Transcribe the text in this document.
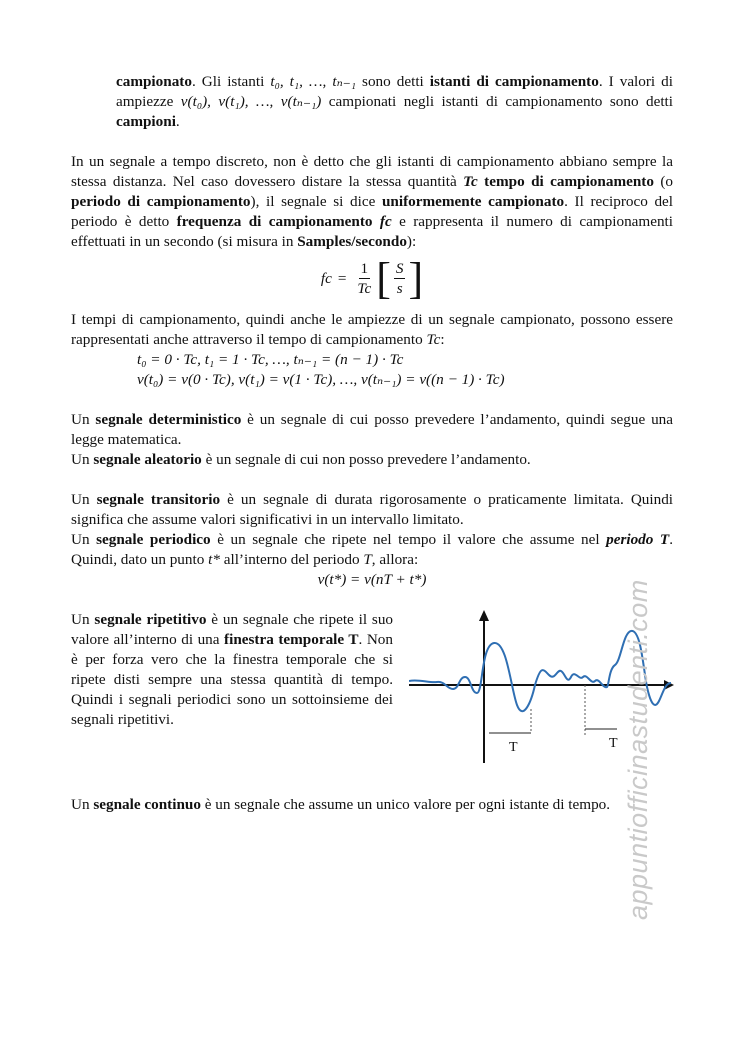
campionato. Gli istanti t₀, t₁, …, tₙ₋₁ sono detti istanti di campionamento. I valori di ampiezze v(t₀), v(t₁), …, v(tₙ₋₁) campionati negli istanti di campionamento sono detti campioni.

In un segnale a tempo discreto, non è detto che gli istanti di campionamento abbiano sempre la stessa distanza. Nel caso dovessero distare la stessa quantità Tc tempo di campionamento (o periodo di campionamento), il segnale si dice uniformemente campionato. Il reciproco del periodo è detto frequenza di campionamento fc e rappresenta il numero di campionamenti effettuati in un secondo (si misura in Samples/secondo):

fc = $\frac{1}{Tc}$ [ $\frac{S}{s}$ ]

I tempi di campionamento, quindi anche le ampiezze di un segnale campionato, possono essere rappresentati anche attraverso il tempo di campionamento Tc:

t₀ = 0 · Tc, t₁ = 1 · Tc, …, tₙ₋₁ = (n − 1) · Tc
v(t₀) = v(0 · Tc), v(t₁) = v(1 · Tc), …, v(tₙ₋₁) = v((n − 1) · Tc)

Un segnale deterministico è un segnale di cui posso prevedere l’andamento, quindi segue una legge matematica.

Un segnale aleatorio è un segnale di cui non posso prevedere l’andamento.

Un segnale transitorio è un segnale di durata rigorosamente o praticamente limitata. Quindi significa che assume valori significativi in un intervallo limitato.

Un segnale periodico è un segnale che ripete nel tempo il valore che assume nel periodo T. Quindi, dato un punto t* all’interno del periodo T, allora:

v(t*) = v(nT + t*)

Un segnale ripetitivo è un segnale che ripete il suo valore all’interno di una finestra temporale T. Non è per forza vero che la finestra temporale che si ripete disti sempre una stessa quantità di tempo. Quindi i segnali periodici sono un sottoinsieme dei segnali ripetitivi.

T	T

Un segnale continuo è un segnale che assume un unico valore per ogni istante di tempo. appuntiofficinastudenti.com
